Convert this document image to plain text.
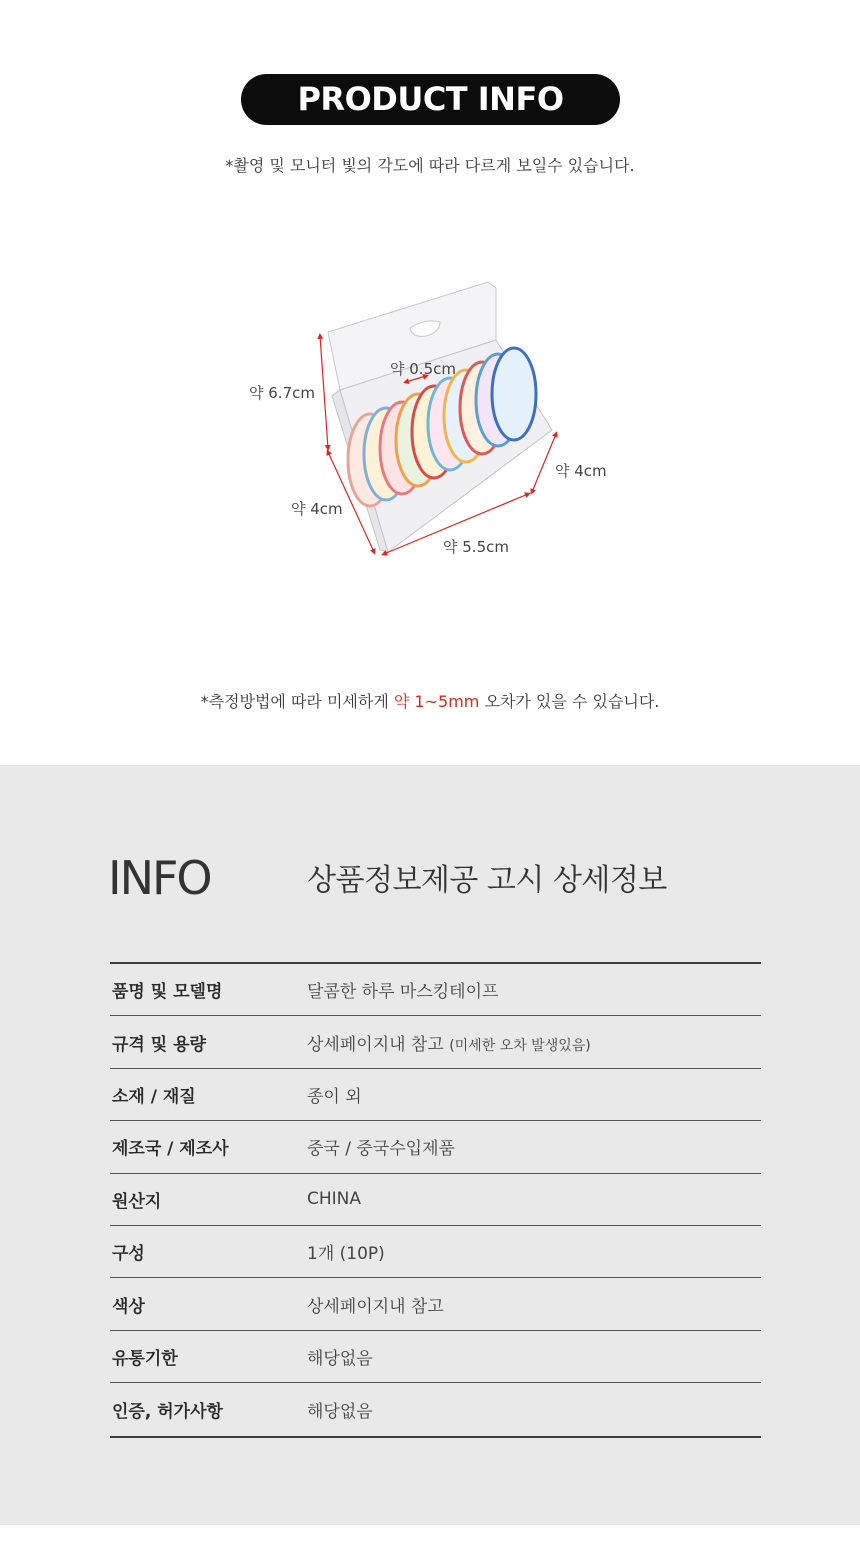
PRODUCT INFO
*촬영 및 모니터 빛의 각도에 따라 다르게 보일수 있습니다.
약 6.7cm
약 0.5cm
약 4cm
약 4cm
약 5.5cm
*측정방법에 따라 미세하게 약 1~5mm 오차가 있을 수 있습니다.
INFO	상품정보제공 고시 상세정보
품명 및 모델명	달콤한 하루 마스킹테이프
규격 및 용량	상세페이지내 참고 (미세한 오차 발생있음)
소재 / 재질	종이 외
제조국 / 제조사	중국 / 중국수입제품
원산지	CHINA
구성	1개 (10P)
색상	상세페이지내 참고
유통기한	해당없음
인증, 허가사항	해당없음
